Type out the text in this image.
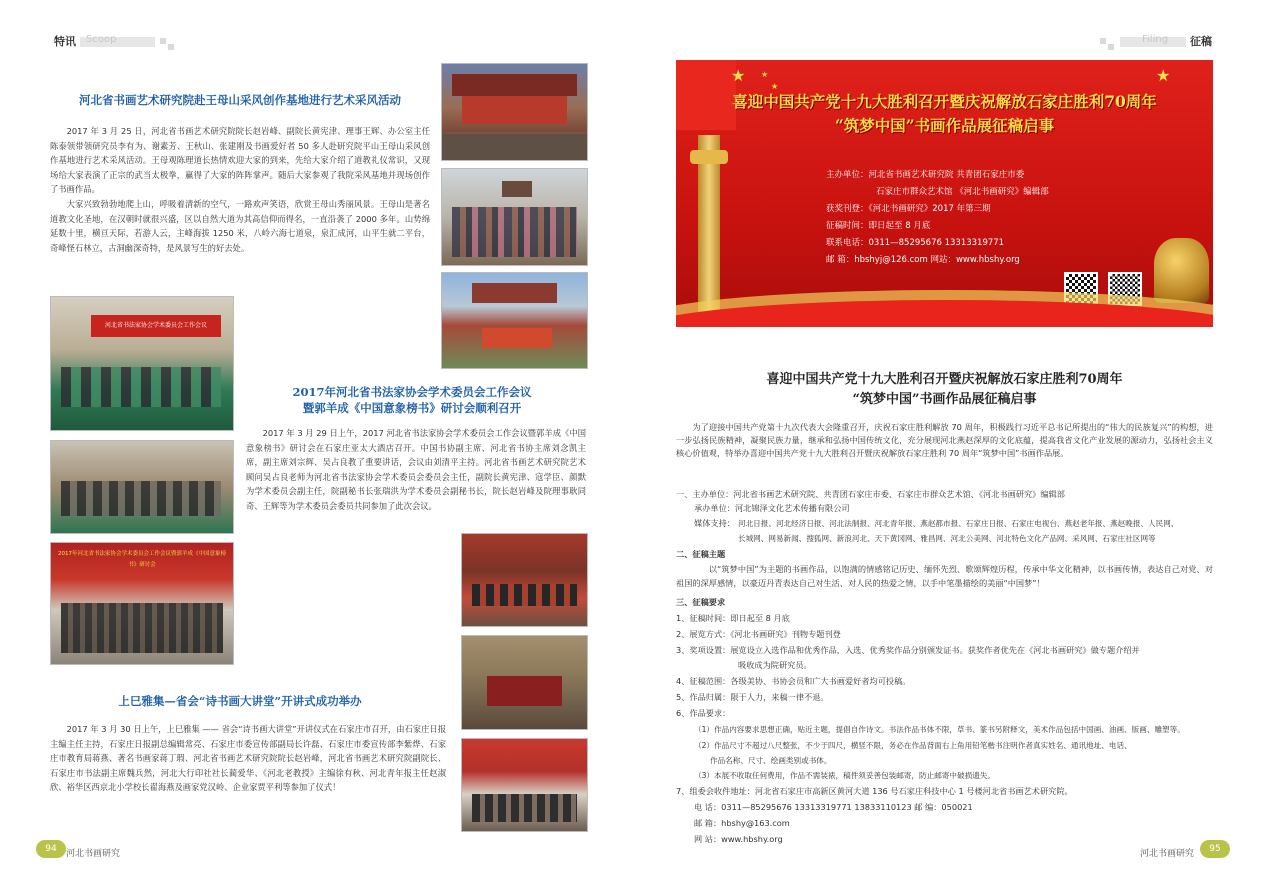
特讯 Scoop	Filing 征稿
河北省书画艺术研究院赴王母山采风创作基地进行艺术采风活动

2017 年 3 月 25 日，河北省书画艺术研究院院长赵岩峰、副院长黄宪津、理事王辉、办公室主任陈泰领带领研究员李有为、谢素芳、王秋山、张建刚及书画爱好者 50 多人赴研究院平山王母山采风创作基地进行艺术采风活动。王母观陈理道长热情欢迎大家的到来，先给大家介绍了道教礼仪常识，又现场给大家表演了正宗的武当太极拳，赢得了大家的阵阵掌声。随后大家参观了我院采风基地并现场创作了书画作品。

大家兴致勃勃地爬上山，呼吸着清新的空气，一路欢声笑语，欣赏王母山秀丽风景。王母山是著名道教文化圣地，在汉朝时就很兴盛，区以自然大道为其高信仰而得名，一直沿袭了 2000 多年。山势绵延数十里，横亘天际，若游人云，主峰海拔 1250 米，八岭六海七道泉，泉汇成河，山平生就二平台，奇峰怪石林立，古洞幽深奇特，是风景写生的好去处。

河北省书法家协会学术委员会工作会议
2017年河北省书法家协会学术委员会工作会议暨郭羊成《中国意象榜书》研讨会
2017年河北省书法家协会学术委员会工作会议
暨郭羊成《中国意象榜书》研讨会顺利召开

2017 年 3 月 29 日上午，2017 河北省书法家协会学术委员会工作会议暨郭羊成《中国意象榜书》研讨会在石家庄亚太大酒店召开。中国书协副主席、河北省书协主席刘念凯主席，副主席刘宗辉、吴占良教了重要讲话，会议由刘清平主持。河北省书画艺术研究院艺术顾问吴占良老师为河北省书法家协会学术委员会委员会主任，副院长黄宪津、寇学臣、颜默为学术委员会副主任，院副秘书长张瑞洪为学术委员会副秘书长，院长赵岩峰及院理事耿同奇、王辉等为学术委员会委员共同参加了此次会议。

上巳雅集—省会“诗书画大讲堂”开讲式成功举办

2017 年 3 月 30 日上午，上巳雅集 —— 省会“诗书画大讲堂”开讲仪式在石家庄市召开，由石家庄日报主编主任主持，石家庄日报副总编辑常亮、石家庄市委宣传部副局长许磊、石家庄市委宣传部李紫烨、石家庄市教育局蒋燕、著名书画家蒋丁瑕、河北省书画艺术研究院院长赵岩峰，河北省书画艺术研究院副院长、石家庄市书法副主席魏兵然，河北大行印社社长蔺爱华、《河北老教授》主编徐有秋、河北青年报主任赵淑欣、裕华区西京北小学校长翟海燕及画家党汉岭、企业家贾平利等参加了仪式！

★ ★
★
★
喜迎中国共产党十九大胜利召开暨庆祝解放石家庄胜利70周年
“筑梦中国”书画作品展征稿启事
主办单位：河北省书画艺术研究院 共青团石家庄市委
石家庄市群众艺术馆 《河北书画研究》编辑部
获奖刊登：《河北书画研究》2017 年第三期
征稿时间：即日起至 8 月底
联系电话：0311—85295676 13313319771
邮 箱：hbshyj@126.com 网站：www.hbshy.org
喜迎中国共产党十九大胜利召开暨庆祝解放石家庄胜利70周年
“筑梦中国”书画作品展征稿启事
为了迎接中国共产党第十九次代表大会隆重召开，庆祝石家庄胜利解放 70 周年，积极践行习近平总书记所提出的“伟大的民族复兴”的构想，进一步弘扬民族精神，凝聚民族力量，继承和弘扬中国传统文化，充分展现河北燕赵深厚的文化底蕴，提高我省文化产业发展的源动力，弘扬社会主义核心价值观，特举办喜迎中国共产党十九大胜利召开暨庆祝解放石家庄胜利 70 周年“筑梦中国”书画作品展。
一、主办单位：河北省书画艺术研究院、共青团石家庄市委、石家庄市群众艺术馆、《河北书画研究》编辑部
承办单位：河北锦泽文化艺术传播有限公司
媒体支持： 河北日报、河北经济日报、河北法制报、河北青年报、燕赵都市报、石家庄日报、石家庄电视台、燕赵老年报、燕赵晚报、人民网、
长城网、网易新闻、搜狐网、新浪河北、天下黄冈网、雅昌网、河北公美网、河北特色文化产品网、采风网、石家庄社区网等
二、征稿主题
以“筑梦中国”为主题的书画作品，以饱满的情感铭记历史、缅怀先烈、歌颂辉煌历程，传承中华文化精神，以书画传情，表达自己对党、对祖国的深厚感情，以豪迈丹青表达自己对生活、对人民的热爱之情，以手中笔墨描绘的美丽“中国梦”！
三、征稿要求
1、征稿时间：即日起至 8 月底
2、展览方式：《河北书画研究》刊物专题刊登
3、奖项设置：展览设立入选作品和优秀作品，入选、优秀奖作品分别颁发证书。获奖作者优先在《河北书画研究》做专题介绍并
吸收成为院研究员。
4、征稿范围：各级美协、书协会员和广大书画爱好者均可投稿。
5、作品归属：限于人力，来稿一律不退。
6、作品要求：
（1）作品内容要求思想正确，贴近主题，提倡自作诗文。书法作品书体不限，草书、篆书另附释文，美术作品包括中国画、油画、版画、雕塑等。
（2）作品尺寸不超过八尺整张，不少于四尺，横竖不限，务必在作品背面右上角用铅笔楷书注明作者真实姓名、通讯地址、电话、
作品名称、尺寸、绘画类别或书体。
（3）本展不收取任何费用，作品不需装裱，稿件须妥善包装邮寄，防止邮寄中破损遗失。
7、组委会收件地址：河北省石家庄市高新区黄河大道 136 号石家庄科技中心 1 号楼河北省书画艺术研究院。
电 话：0311—85295676 13313319771 13833110123 邮 编：050021
邮 箱：hbshy@163.com
网 站：www.hbshy.org
94	河北书画研究	河北书画研究	95
